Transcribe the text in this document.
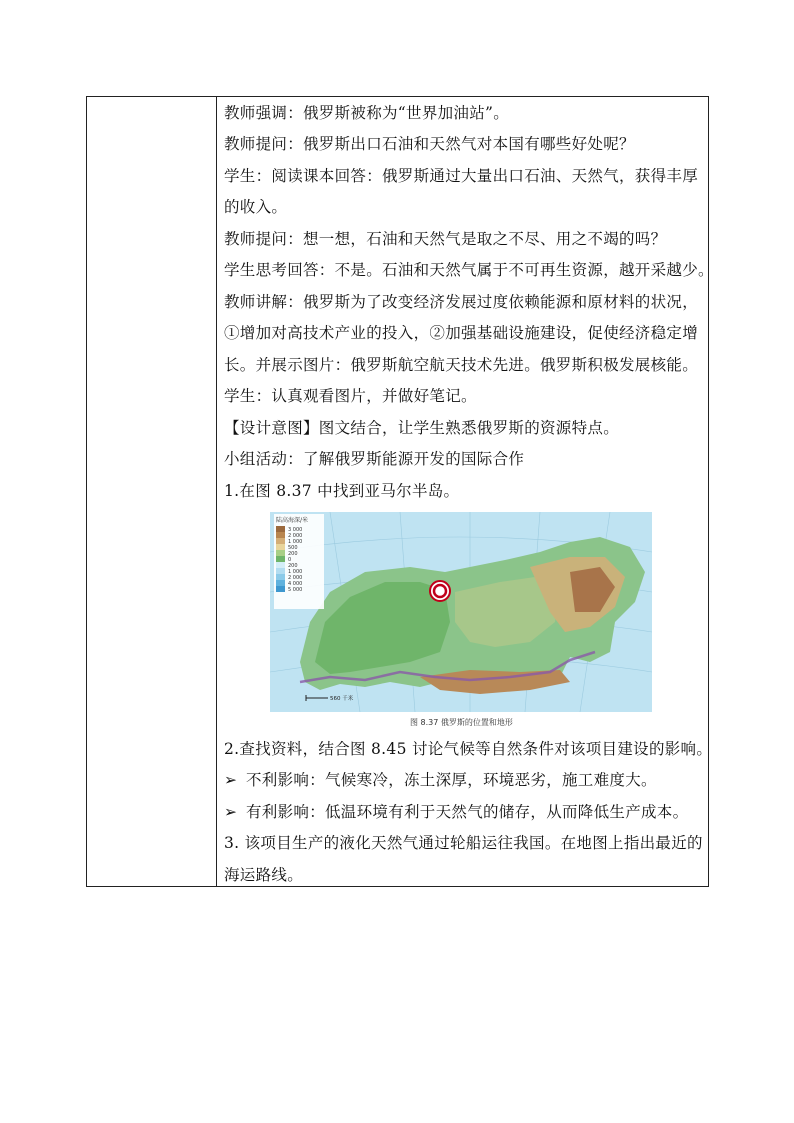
教师强调：俄罗斯被称为“世界加油站”。
教师提问：俄罗斯出口石油和天然气对本国有哪些好处呢？
学生：阅读课本回答：俄罗斯通过大量出口石油、天然气，获得丰厚
的收入。
教师提问：想一想，石油和天然气是取之不尽、用之不竭的吗？
学生思考回答：不是。石油和天然气属于不可再生资源，越开采越少。
教师讲解：俄罗斯为了改变经济发展过度依赖能源和原材料的状况，
①增加对高技术产业的投入，②加强基础设施建设，促使经济稳定增
长。并展示图片：俄罗斯航空航天技术先进。俄罗斯积极发展核能。
学生：认真观看图片，并做好笔记。
【设计意图】图文结合，让学生熟悉俄罗斯的资源特点。
小组活动：了解俄罗斯能源开发的国际合作
1.在图 8.37 中找到亚马尔半岛。
2.查找资料，结合图 8.45 讨论气候等自然条件对该项目建设的影响。
➢ 不利影响：气候寒冷，冻土深厚，环境恶劣，施工难度大。
➢ 有利影响：低温环境有利于天然气的储存，从而降低生产成本。
3. 该项目生产的液化天然气通过轮船运往我国。在地图上指出最近的
海运路线。
陆高海深/米
3 000
2 000
1 000
500
200
0
200
1 000
2 000
4 000
5 000
560 千米
图 8.37 俄罗斯的位置和地形
